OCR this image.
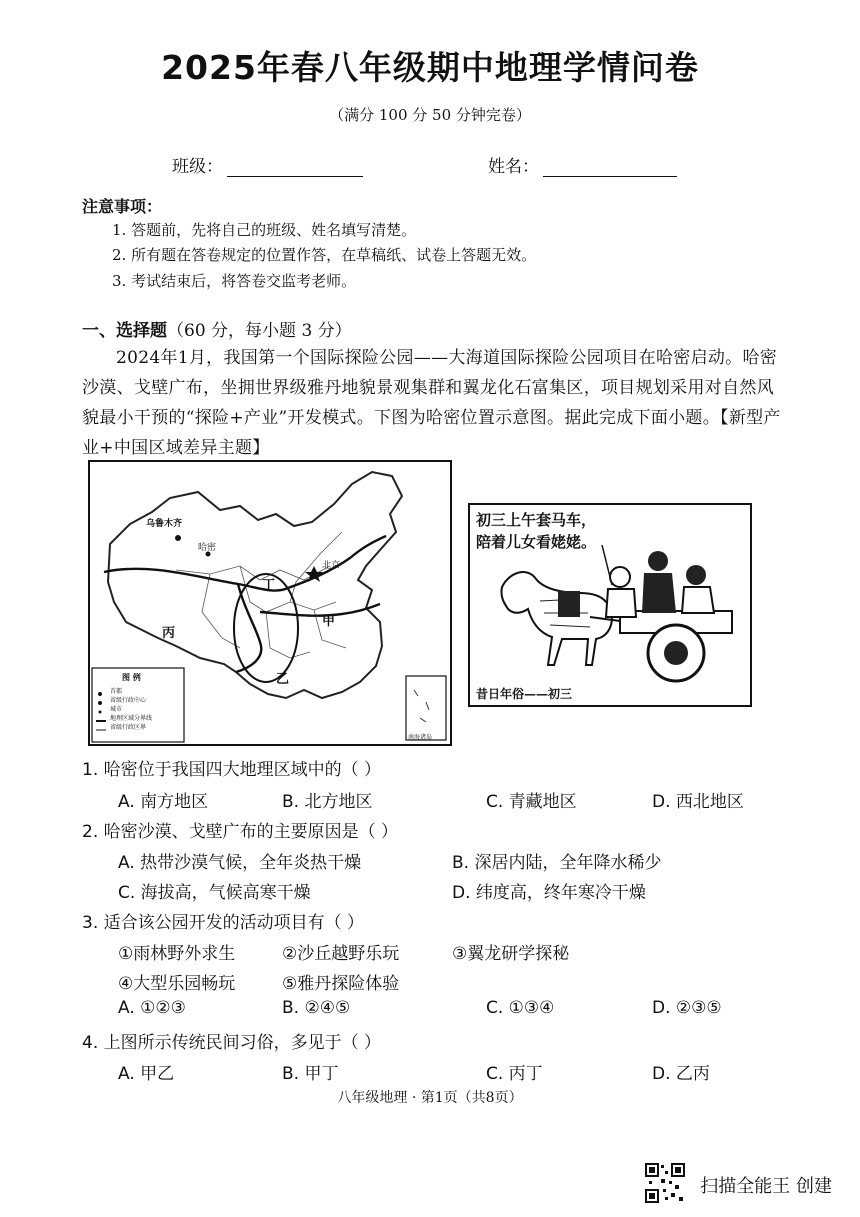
2025年春八年级期中地理学情问卷
（满分 100 分 50 分钟完卷）
班级：	姓名：
注意事项：
1. 答题前，先将自己的班级、姓名填写清楚。
2. 所有题在答卷规定的位置作答，在草稿纸、试卷上答题无效。
3. 考试结束后，将答卷交监考老师。
一、选择题（60 分，每小题 3 分）
2024年1月，我国第一个国际探险公园——大海道国际探险公园项目在哈密启动。哈密沙漠、戈壁广布，坐拥世界级雅丹地貌景观集群和翼龙化石富集区，项目规划采用对自然风貌最小干预的“探险+产业”开发模式。下图为哈密位置示意图。据此完成下面小题。【新型产业+中国区域差异主题】
乌鲁木齐
哈密
丁
甲
丙
乙
北京
南海诸岛
图 例
首都
省级行政中心
城市
地理区域分界线
省级行政区界
初三上午套马车，
陪着儿女看姥姥。
昔日年俗——初三
1. 哈密位于我国四大地理区域中的（ ）
A. 南方地区	B. 北方地区	C. 青藏地区	D. 西北地区
2. 哈密沙漠、戈壁广布的主要原因是（ ）
A. 热带沙漠气候，全年炎热干燥	B. 深居内陆，全年降水稀少
C. 海拔高，气候高寒干燥	D. 纬度高，终年寒冷干燥
3. 适合该公园开发的活动项目有（ ）
①雨林野外求生	②沙丘越野乐玩	③翼龙研学探秘
④大型乐园畅玩	⑤雅丹探险体验
A. ①②③	B. ②④⑤	C. ①③④	D. ②③⑤
4. 上图所示传统民间习俗，多见于（ ）
A. 甲乙	B. 甲丁	C. 丙丁	D. 乙丙
八年级地理 · 第1页（共8页）
扫描全能王 创建
